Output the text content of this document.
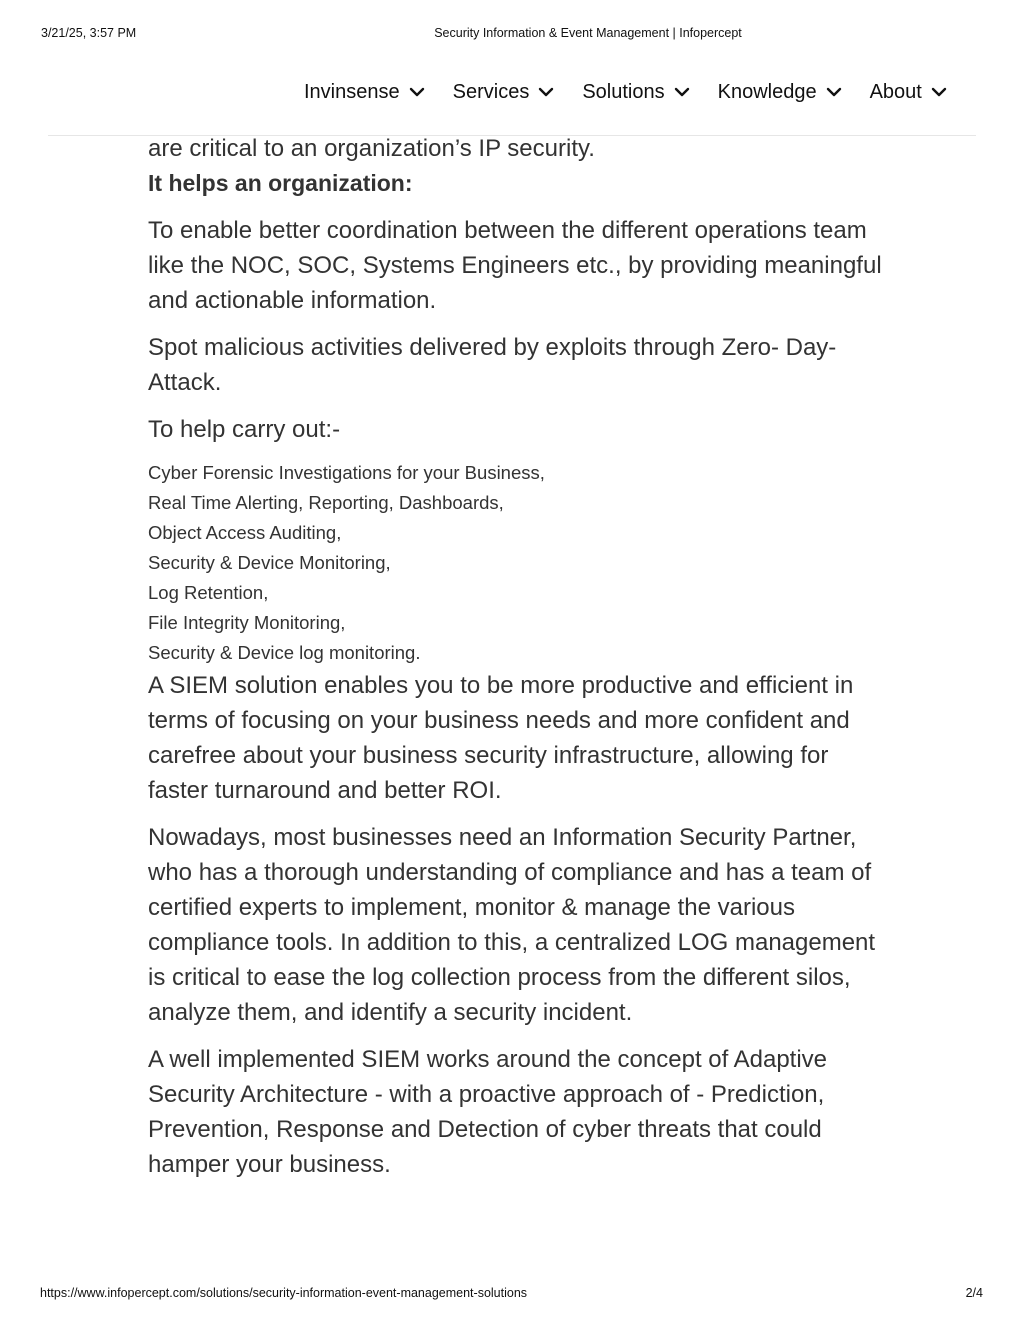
3/21/25, 3:57 PM	Security Information & Event Management | Infopercept
Invinsense	Services	Solutions	Knowledge	About

are critical to an organization’s IP security.

It helps an organization:

To enable better coordination between the different operations team like the NOC, SOC, Systems Engineers etc., by providing meaningful and actionable information.

Spot malicious activities delivered by exploits through Zero- Day-Attack.

To help carry out:-

Cyber Forensic Investigations for your Business,
Real Time Alerting, Reporting, Dashboards,
Object Access Auditing,
Security & Device Monitoring,
Log Retention,
File Integrity Monitoring,
Security & Device log monitoring.

A SIEM solution enables you to be more productive and efficient in terms of focusing on your business needs and more confident and carefree about your business security infrastructure, allowing for faster turnaround and better ROI.

Nowadays, most businesses need an Information Security Partner, who has a thorough understanding of compliance and has a team of certified experts to implement, monitor & manage the various compliance tools. In addition to this, a centralized LOG management is critical to ease the log collection process from the different silos, analyze them, and identify a security incident.

A well implemented SIEM works around the concept of Adaptive Security Architecture - with a proactive approach of - Prediction, Prevention, Response and Detection of cyber threats that could hamper your business.

https://www.infopercept.com/solutions/security-information-event-management-solutions	2/4
